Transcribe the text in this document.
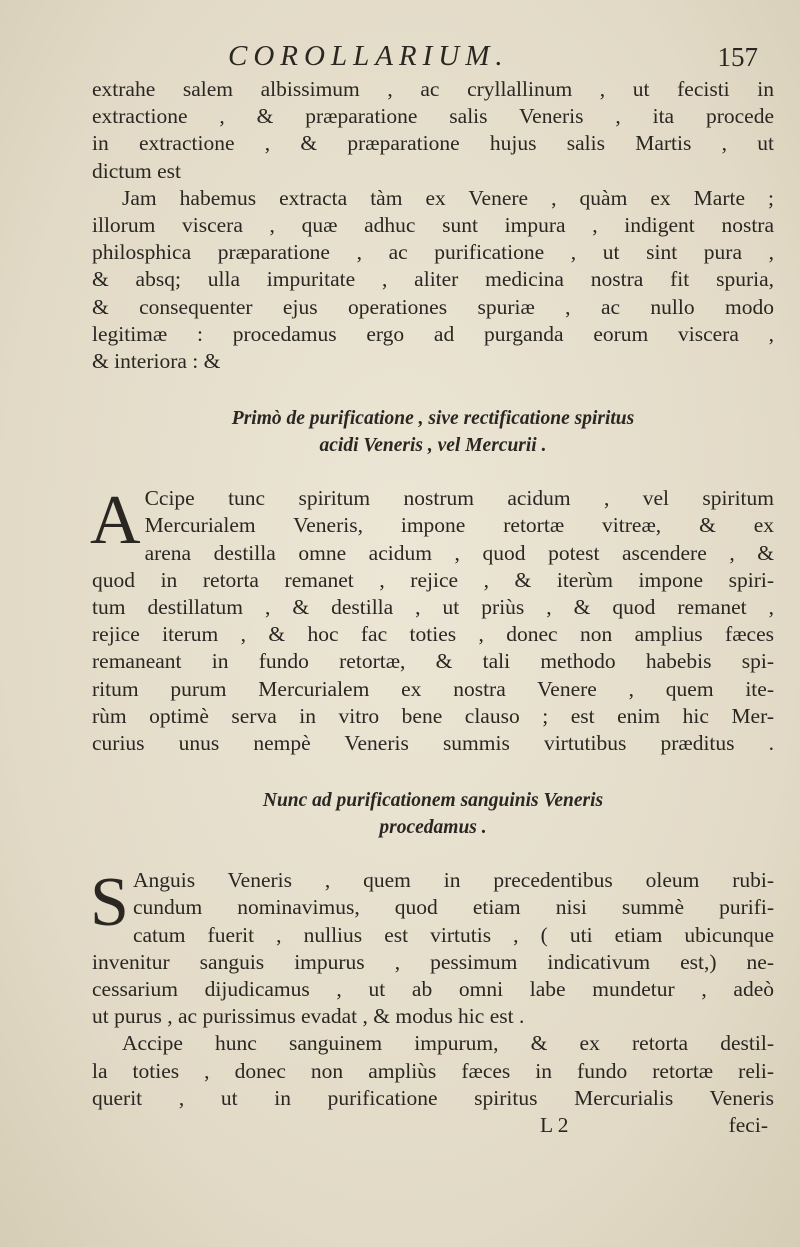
COROLLARIUM.	157
extrahe salem albissimum , ac cryllallinum , ut fecisti in
extractione , & præparatione salis Veneris , ita procede
in extractione , & præparatione hujus salis Martis , ut
dictum est
Jam habemus extracta tàm ex Venere , quàm ex Marte ;
illorum viscera , quæ adhuc sunt impura , indigent nostra
philosphica præparatione , ac purificatione , ut sint pura ,
& absq; ulla impuritate , aliter medicina nostra fit spuria,
& consequenter ejus operationes spuriæ , ac nullo modo
legitimæ : procedamus ergo ad purganda eorum viscera ,
& interiora : &
Primò de purificatione , sive rectificatione spiritus
acidi Veneris , vel Mercurii .
A Ccipe tunc spiritum nostrum acidum , vel spiritum
Mercurialem Veneris, impone retortæ vitreæ, & ex
arena destilla omne acidum , quod potest ascendere , &
quod in retorta remanet , rejice , & iterùm impone spiri-
tum destillatum , & destilla , ut priùs , & quod remanet ,
rejice iterum , & hoc fac toties , donec non amplius fæces
remaneant in fundo retortæ, & tali methodo habebis spi-
ritum purum Mercurialem ex nostra Venere , quem ite-
rùm optimè serva in vitro bene clauso ; est enim hic Mer-
curius unus nempè Veneris summis virtutibus præditus .
Nunc ad purificationem sanguinis Veneris
procedamus .
S Anguis Veneris , quem in precedentibus oleum rubi-
cundum nominavimus, quod etiam nisi summè purifi-
catum fuerit , nullius est virtutis , ( uti etiam ubicunque
invenitur sanguis impurus , pessimum indicativum est,) ne-
cessarium dijudicamus , ut ab omni labe mundetur , adeò
ut purus , ac purissimus evadat , & modus hic est .
Accipe hunc sanguinem impurum, & ex retorta destil-
la toties , donec non ampliùs fæces in fundo retortæ reli-
querit , ut in purificatione spiritus Mercurialis Veneris
L 2	feci-
